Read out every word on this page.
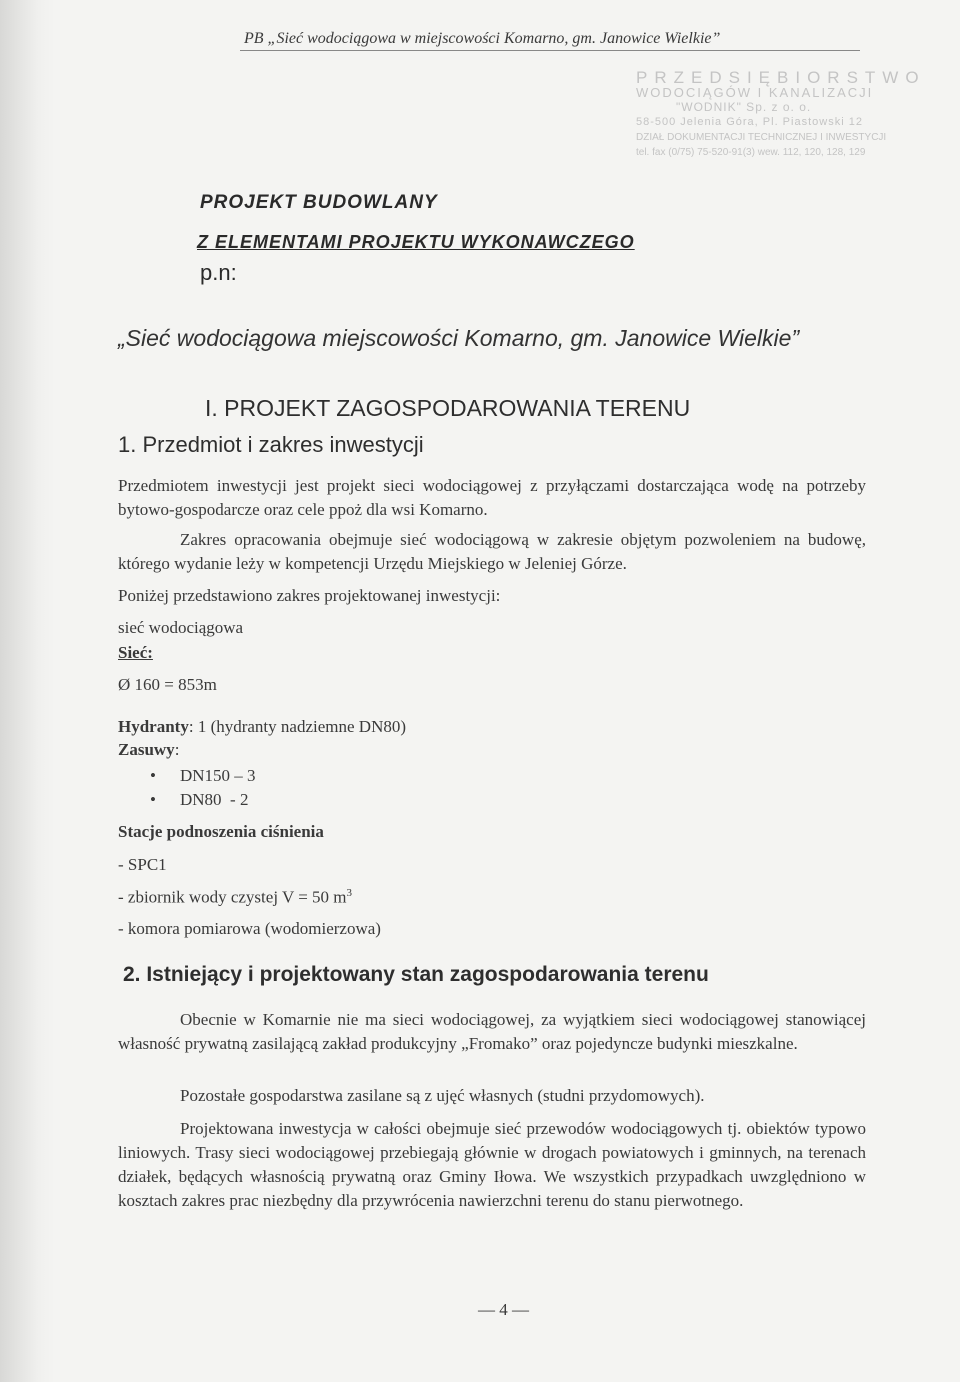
PB „Sieć wodociągowa w miejscowości Komarno, gm. Janowice Wielkie”
PRZEDSIĘBIORSTWO
WODOCIĄGÓW I KANALIZACJI
"WODNIK" Sp. z o. o.
58-500 Jelenia Góra, Pl. Piastowski 12
DZIAŁ DOKUMENTACJI TECHNICZNEJ I INWESTYCJI
tel. fax (0/75) 75-520-91(3) wew. 112, 120, 128, 129
PROJEKT BUDOWLANY
Z ELEMENTAMI PROJEKTU WYKONAWCZEGO
p.n:
„Sieć wodociągowa miejscowości Komarno, gm. Janowice Wielkie”
I. PROJEKT ZAGOSPODAROWANIA TERENU
1. Przedmiot i zakres inwestycji
Przedmiotem inwestycji jest projekt sieci wodociągowej z przyłączami dostarczająca wodę na potrzeby bytowo-gospodarcze oraz cele ppoż dla wsi Komarno.
Zakres opracowania obejmuje sieć wodociągową w zakresie objętym pozwoleniem na budowę, którego wydanie leży w kompetencji Urzędu Miejskiego w Jeleniej Górze.
Poniżej przedstawiono zakres projektowanej inwestycji:
sieć wodociągowa
Sieć:
Ø 160 = 853m
Hydranty: 1 (hydranty nadziemne DN80)
Zasuwy:
• DN150 – 3
• DN80  - 2
Stacje podnoszenia ciśnienia
- SPC1
- zbiornik wody czystej V = 50 $m^3$
- komora pomiarowa (wodomierzowa)
2. Istniejący i projektowany stan zagospodarowania terenu
Obecnie w Komarnie nie ma sieci wodociągowej, za wyjątkiem sieci wodociągowej stanowiącej własność prywatną zasilającą zakład produkcyjny „Fromako” oraz pojedyncze budynki mieszkalne.
Pozostałe gospodarstwa zasilane są z ujęć własnych (studni przydomowych).
Projektowana inwestycja w całości obejmuje sieć przewodów wodociągowych tj. obiektów typowo liniowych. Trasy sieci wodociągowej przebiegają głównie w drogach powiatowych i gminnych, na terenach działek, będących własnością prywatną oraz Gminy Iłowa. We wszystkich przypadkach uwzględniono w kosztach zakres prac niezbędny dla przywrócenia nawierzchni terenu do stanu pierwotnego.
— 4 —
